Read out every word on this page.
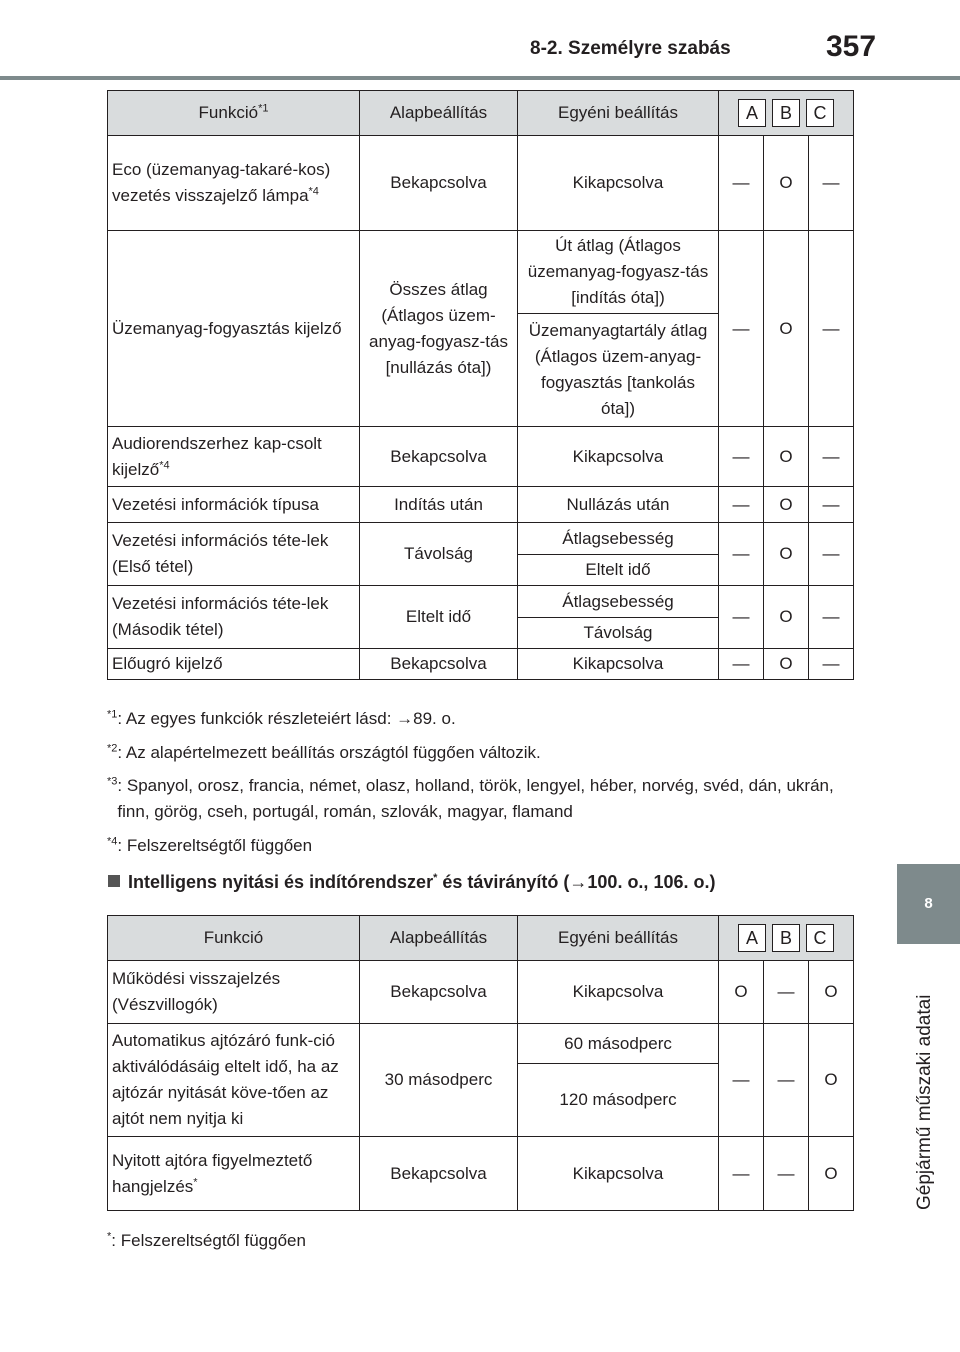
8-2. Személyre szabás	357
8
Gépjármű műszaki adatai
Funkció$^{*1}$	Alapbeállítás	Egyéni beállítás	A B C		
Eco (üzemanyag-takaré-kos) vezetés visszajelző lámpa$^{*4}$	Bekapcsolva	Kikapcsolva	—	O	—
Üzemanyag-fogyasztás kijelző	Összes átlag (Átlagos üzem-anyag-fogyasz-tás [nullázás óta])	Út átlag (Átlagos üzemanyag-fogyasz-tás [indítás óta])	—	O	—
		Üzemanyagtartály átlag (Átlagos üzem-anyag-fogyasztás [tankolás óta])			
Audiorendszerhez kap-csolt kijelző$^{*4}$	Bekapcsolva	Kikapcsolva	—	O	—
Vezetési információk típusa	Indítás után	Nullázás után	—	O	—
Vezetési információs téte-lek (Első tétel)	Távolság	Átlagsebesség	—	O	—
		Eltelt idő			
Vezetési információs téte-lek (Második tétel)	Eltelt idő	Átlagsebesség	—	O	—
		Távolság			
Előugró kijelző	Bekapcsolva	Kikapcsolva	—	O	—
$^{*1}$: Az egyes funkciók részleteiért lásd: →89. o.
$^{*2}$: Az alapértelmezett beállítás országtól függően változik.
$^{*3}$: Spanyol, orosz, francia, német, olasz, holland, török, lengyel, héber, norvég, svéd, dán, ukrán, finn, görög, cseh, portugál, román, szlovák, magyar, flamand
$^{*4}$: Felszereltségtől függően
Intelligens nyitási és indítórendszer* és távirányító (→100. o., 106. o.)
Funkció	Alapbeállítás	Egyéni beállítás	A B C		
Működési visszajelzés (Vészvillogók)	Bekapcsolva	Kikapcsolva	O	—	O
Automatikus ajtózáró funk-ció aktiválódásáig eltelt idő, ha az ajtózár nyitását köve-tően az ajtót nem nyitja ki	30 másodperc	60 másodperc	—	—	O
		120 másodperc			
Nyitott ajtóra figyelmeztető hangjelzés*	Bekapcsolva	Kikapcsolva	—	—	O
*: Felszereltségtől függően
